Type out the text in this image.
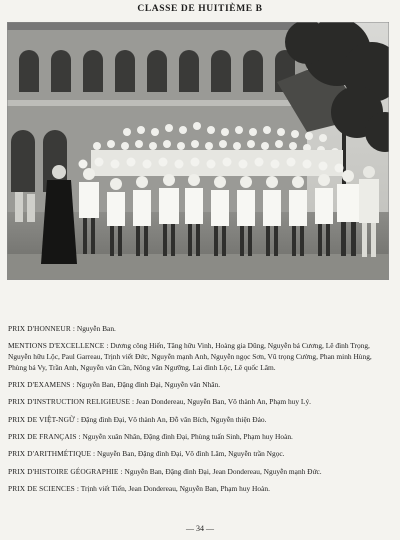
CLASSE DE HUITIÈME B
PRIX D'HONNEUR : Nguyễn Ban.
MENTIONS D'EXCELLENCE : Dương công Hiến, Tăng hữu Vinh, Hoàng gia Dũng, Nguyễn bá Cương, Lê đình Trọng, Nguyễn hữu Lộc, Paul Garreau, Trịnh viết Đức, Nguyễn mạnh Anh, Nguyễn ngọc Sơn, Vũ trọng Cường, Phan minh Hùng, Phùng bá Vy, Trần Anh, Nguyễn văn Cần, Nông văn Ngưỡng, Lai đình Lộc, Lê quốc Lâm.
PRIX D'EXAMENS : Nguyễn Ban, Đặng đình Đại, Nguyễn văn Nhân.
PRIX D'INSTRUCTION RELIGIEUSE : Jean Dondereau, Nguyễn Ban, Võ thành An, Phạm huy Lý.
PRIX DE VIỆT-NGỮ : Đặng đình Đại, Võ thành An, Đỗ văn Bích, Nguyễn thiện Đảo.
PRIX DE FRANÇAIS : Nguyễn xuân Nhân, Đặng đình Đại, Phùng tuấn Sinh, Phạm huy Hoàn.
PRIX D'ARITHMÉTIQUE : Nguyễn Ban, Đặng đình Đại, Võ đình Lâm, Nguyễn trần Ngọc.
PRIX D'HISTOIRE GÉOGRAPHIE : Nguyễn Ban, Đặng đình Đại, Jean Dondereau, Nguyễn mạnh Đức.
PRIX DE SCIENCES : Trịnh viết Tiến, Jean Dondereau, Nguyễn Ban, Phạm huy Hoàn.
— 34 —
